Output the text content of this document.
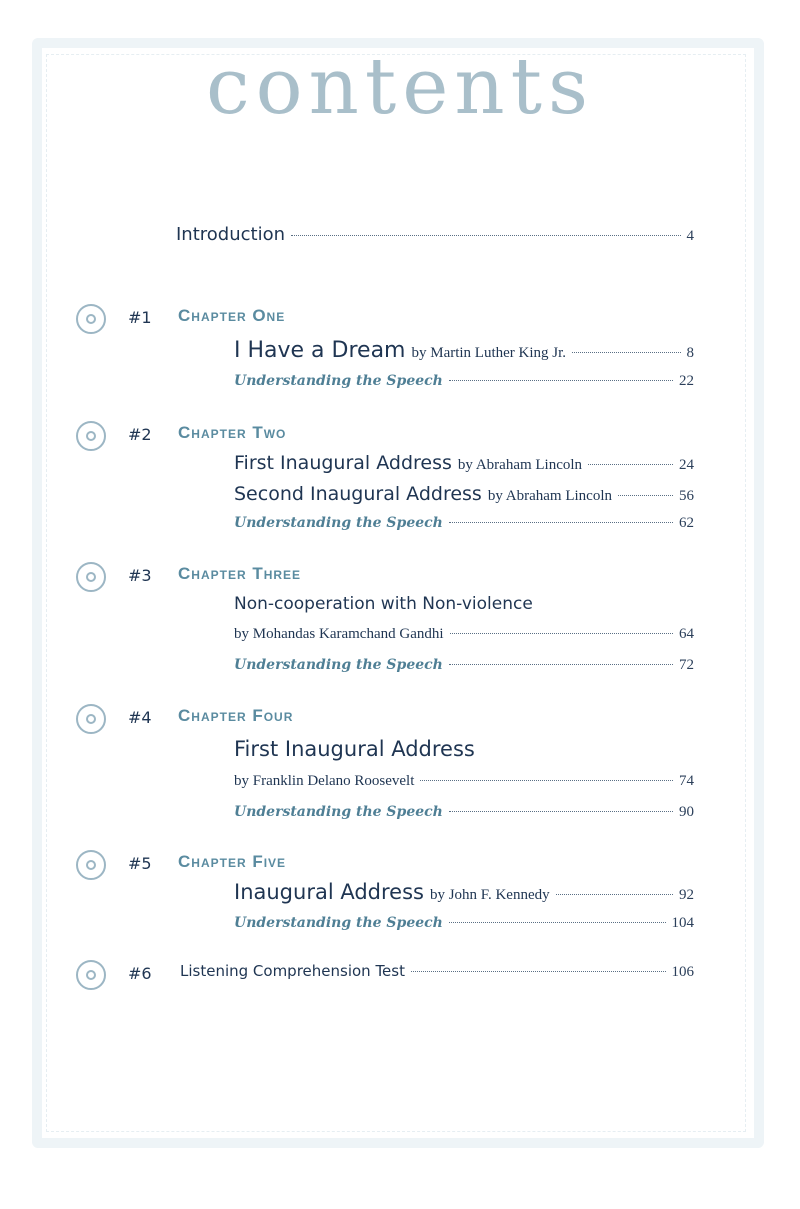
contents
Introduction	4
#1 Chapter One
I Have a Dream by Martin Luther King Jr.	8
Understanding the Speech	22
#2 Chapter Two
First Inaugural Address by Abraham Lincoln	24
Second Inaugural Address by Abraham Lincoln	56
Understanding the Speech	62
#3 Chapter Three
Non-cooperation with Non-violence
by Mohandas Karamchand Gandhi	64
Understanding the Speech	72
#4 Chapter Four
First Inaugural Address
by Franklin Delano Roosevelt	74
Understanding the Speech	90
#5 Chapter Five
Inaugural Address by John F. Kennedy	92
Understanding the Speech	104
#6 Listening Comprehension Test	106
